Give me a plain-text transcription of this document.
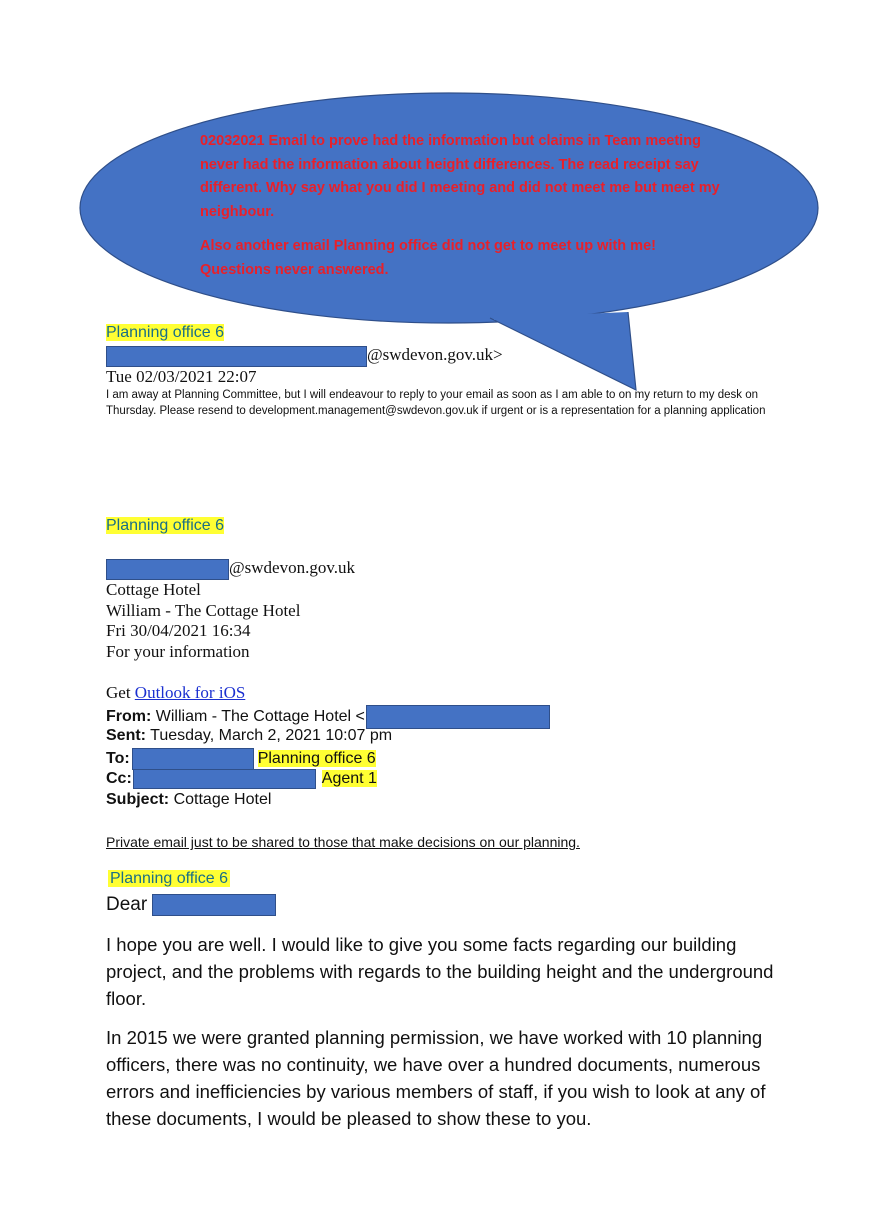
02032021 Email to prove had the information but claims in Team meeting never had the information about height differences. The read receipt say different. Why say what you did I meeting and did not meet me but meet my neighbour.

Also another email Planning office did not get to meet up with me! Questions never answered.

Planning office 6
@swdevon.gov.uk>
Tue 02/03/2021 22:07
I am away at Planning Committee, but I will endeavour to reply to your email as soon as I am able to on my return to my desk on Thursday. Please resend to development.management@swdevon.gov.uk if urgent or is a representation for a planning application
Planning office 6
@swdevon.gov.uk
Cottage Hotel
William - The Cottage Hotel
Fri 30/04/2021 16:34
For your information
Get Outlook for iOS
From: William - The Cottage Hotel <
Sent: Tuesday, March 2, 2021 10:07 pm
To:	Planning office 6
Cc:	Agent 1
Subject: Cottage Hotel
Private email just to be shared to those that make decisions on our planning.
Planning office 6
Dear
I hope you are well. I would like to give you some facts regarding our building project, and the problems with regards to the building height and the underground floor.
In 2015 we were granted planning permission, we have worked with 10 planning officers, there was no continuity, we have over a hundred documents, numerous errors and inefficiencies by various members of staff, if you wish to look at any of these documents, I would be pleased to show these to you.
